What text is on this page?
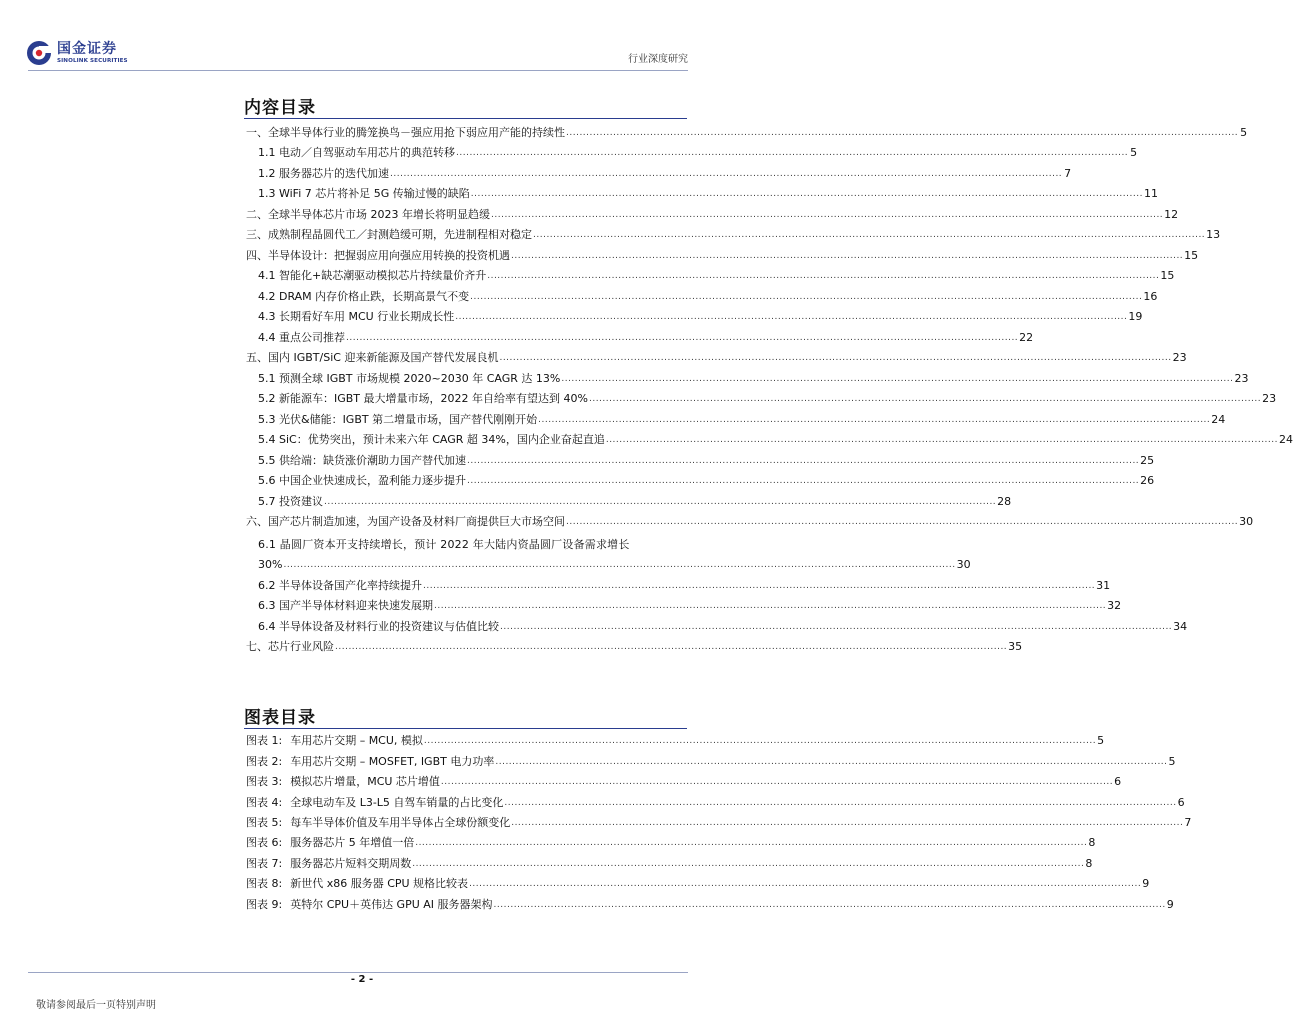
国金证券
SINOLINK SECURITIES	行业深度研究
内容目录
一、全球半导体行业的腾笼换鸟－强应用抢下弱应用产能的持续性 ........................................................................................................................................................................................................ 5
1.1 电动／自驾驱动车用芯片的典范转移 ........................................................................................................................................................................................................ 5
1.2 服务器芯片的迭代加速 ........................................................................................................................................................................................................ 7
1.3 WiFi 7 芯片将补足 5G 传输过慢的缺陷 ........................................................................................................................................................................................................ 11
二、全球半导体芯片市场 2023 年增长将明显趋缓 ........................................................................................................................................................................................................ 12
三、成熟制程晶圆代工／封测趋缓可期，先进制程相对稳定 ........................................................................................................................................................................................................ 13
四、半导体设计：把握弱应用向强应用转换的投资机遇 ........................................................................................................................................................................................................ 15
4.1 智能化+缺芯潮驱动模拟芯片持续量价齐升 ........................................................................................................................................................................................................ 15
4.2 DRAM 内存价格止跌，长期高景气不变 ........................................................................................................................................................................................................ 16
4.3 长期看好车用 MCU 行业长期成长性 ........................................................................................................................................................................................................ 19
4.4 重点公司推荐 ........................................................................................................................................................................................................ 22
五、国内 IGBT/SiC 迎来新能源及国产替代发展良机 ........................................................................................................................................................................................................ 23
5.1 预测全球 IGBT 市场规模 2020~2030 年 CAGR 达 13% ........................................................................................................................................................................................................ 23
5.2 新能源车：IGBT 最大增量市场，2022 年自给率有望达到 40% ........................................................................................................................................................................................................ 23
5.3 光伏&储能：IGBT 第二增量市场，国产替代刚刚开始 ........................................................................................................................................................................................................ 24
5.4 SiC：优势突出，预计未来六年 CAGR 超 34%，国内企业奋起直追 ........................................................................................................................................................................................................ 24
5.5 供给端：缺货涨价潮助力国产替代加速 ........................................................................................................................................................................................................ 25
5.6 中国企业快速成长，盈利能力逐步提升 ........................................................................................................................................................................................................ 26
5.7 投资建议 ........................................................................................................................................................................................................ 28
六、国产芯片制造加速，为国产设备及材料厂商提供巨大市场空间 ........................................................................................................................................................................................................ 30
6.1 晶圆厂资本开支持续增长，预计 2022 年大陆内资晶圆厂设备需求增长
30% ........................................................................................................................................................................................................ 30
6.2 半导体设备国产化率持续提升 ........................................................................................................................................................................................................ 31
6.3 国产半导体材料迎来快速发展期 ........................................................................................................................................................................................................ 32
6.4 半导体设备及材料行业的投资建议与估值比较 ........................................................................................................................................................................................................ 34
七、芯片行业风险 ........................................................................................................................................................................................................ 35
图表目录
图表 1: 车用芯片交期 – MCU, 模拟 ........................................................................................................................................................................................................ 5
图表 2: 车用芯片交期 – MOSFET, IGBT 电力功率 ........................................................................................................................................................................................................ 5
图表 3: 模拟芯片增量，MCU 芯片增值 ........................................................................................................................................................................................................ 6
图表 4: 全球电动车及 L3-L5 自驾车销量的占比变化 ........................................................................................................................................................................................................ 6
图表 5: 每车半导体价值及车用半导体占全球份额变化 ........................................................................................................................................................................................................ 7
图表 6: 服务器芯片 5 年增值一倍 ........................................................................................................................................................................................................ 8
图表 7: 服务器芯片短料交期周数 ........................................................................................................................................................................................................ 8
图表 8: 新世代 x86 服务器 CPU 规格比较表 ........................................................................................................................................................................................................ 9
图表 9: 英特尔 CPU＋英伟达 GPU AI 服务器架构 ........................................................................................................................................................................................................ 9
- 2 -
敬请参阅最后一页特别声明
